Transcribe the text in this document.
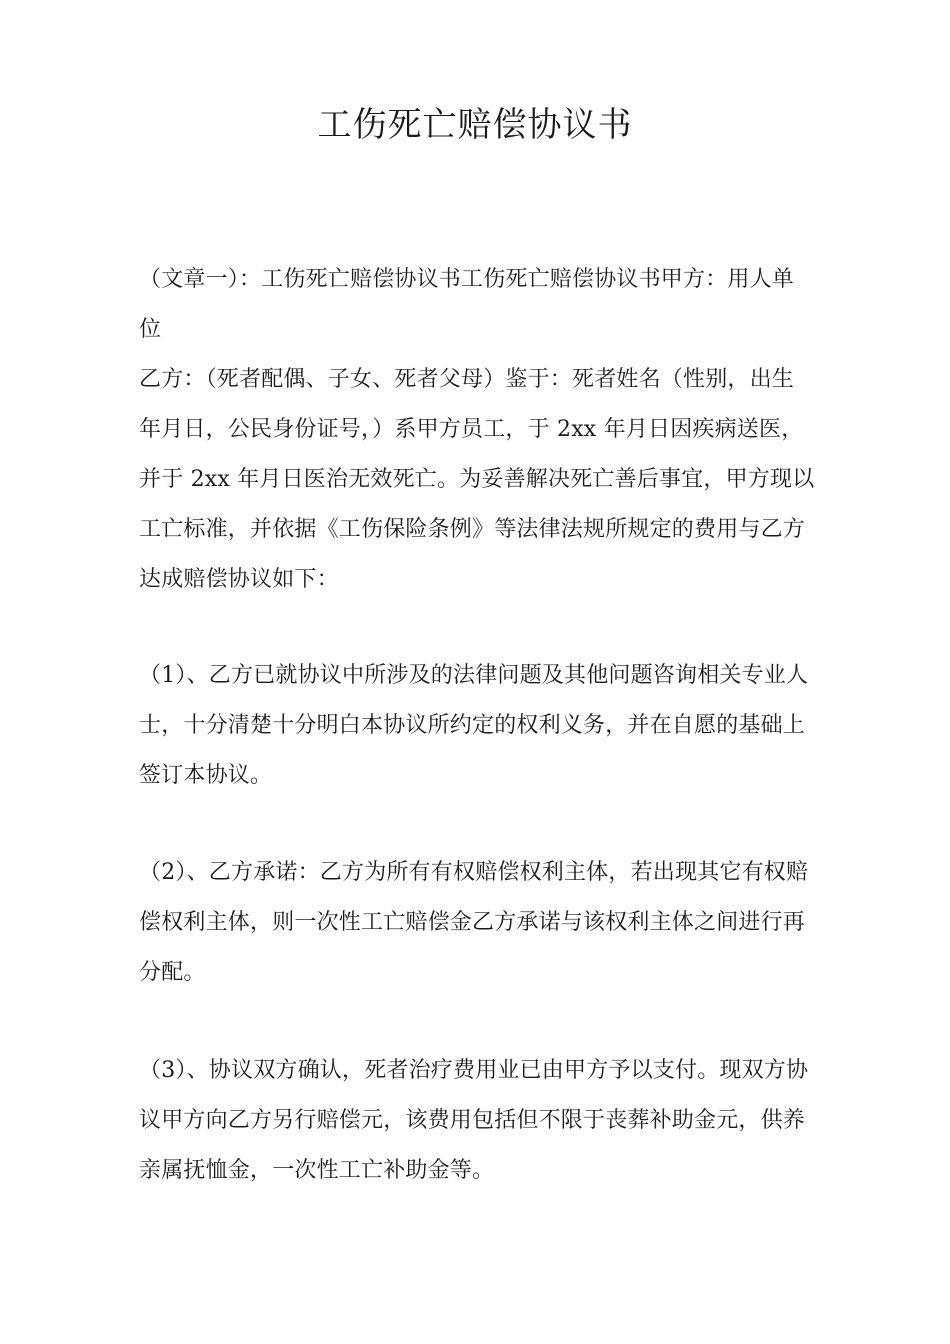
工伤死亡赔偿协议书

（文章一）：工伤死亡赔偿协议书工伤死亡赔偿协议书甲方：用人单
位
乙方：（死者配偶、子女、死者父母）鉴于：死者姓名（性别，出生
年月日，公民身份证号，）系甲方员工，于 2xx 年月日因疾病送医，
并于 2xx 年月日医治无效死亡。为妥善解决死亡善后事宜，甲方现以
工亡标准，并依据《工伤保险条例》等法律法规所规定的费用与乙方
达成赔偿协议如下：

（1）、乙方已就协议中所涉及的法律问题及其他问题咨询相关专业人
士，十分清楚十分明白本协议所约定的权利义务，并在自愿的基础上
签订本协议。

（2）、乙方承诺：乙方为所有有权赔偿权利主体，若出现其它有权赔
偿权利主体，则一次性工亡赔偿金乙方承诺与该权利主体之间进行再
分配。

（3）、协议双方确认，死者治疗费用业已由甲方予以支付。现双方协
议甲方向乙方另行赔偿元，该费用包括但不限于丧葬补助金元，供养
亲属抚恤金，一次性工亡补助金等。
